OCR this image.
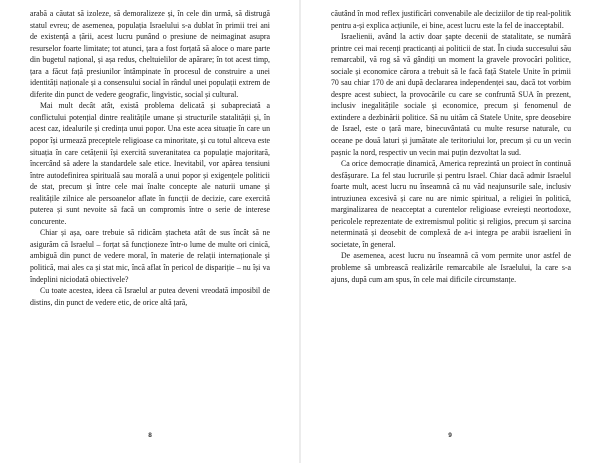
arabă a căutat să izoleze, să demoralizeze și, în cele din urmă, să distrugă statul evreu; de asemenea, populația Israelului s-a dublat în primii trei ani de existență a țării, acest lucru punând o presiune de neimaginat asupra resurselor foarte limitate; tot atunci, țara a fost forțată să aloce o mare parte din bugetul național, și așa redus, cheltuielilor de apărare; în tot acest timp, țara a făcut față presiunilor întâmpinate în procesul de construire a unei identități naționale și a consensului social în rândul unei populații extrem de diferite din punct de vedere geografic, lingvistic, social și cultural.

Mai mult decât atât, există problema delicată și subapreciată a conflictului potențial dintre realitățile umane și structurile statalității și, în acest caz, idealurile și credința unui popor. Una este acea situație în care un popor își urmează preceptele religioase ca minoritate, și cu totul altceva este situația în care cetățenii își exercită suveranitatea ca populație majoritară, încercând să adere la standardele sale etice. Inevitabil, vor apărea tensiuni între autodefinirea spirituală sau morală a unui popor și exigențele politicii de stat, precum și între cele mai înalte concepte ale naturii umane și realitățile zilnice ale persoanelor aflate în funcții de decizie, care exercită puterea și sunt nevoite să facă un compromis între o serie de interese concurente.

Chiar și așa, oare trebuie să ridicăm ștacheta atât de sus încât să ne asigurăm că Israelul – forțat să funcționeze într-o lume de multe ori cinică, ambiguă din punct de vedere moral, în materie de relații internaționale și politică, mai ales ca și stat mic, încă aflat în pericol de dispariție – nu își va îndeplini niciodată obiectivele?

Cu toate acestea, ideea că Israelul ar putea deveni vreodată imposibil de distins, din punct de vedere etic, de orice altă țară,

8

căutând în mod reflex justificări convenabile ale deciziilor de tip real-politik pentru a-și explica acțiunile, ei bine, acest lucru este la fel de inacceptabil.

Israelienii, având la activ doar șapte decenii de statalitate, se numără printre cei mai recenți practicanți ai politicii de stat. În ciuda succesului său remarcabil, vă rog să vă gândiți un moment la gravele provocări politice, sociale și economice cărora a trebuit să le facă față Statele Unite în primii 70 sau chiar 170 de ani după declararea independenței sau, dacă tot vorbim despre acest subiect, la provocările cu care se confruntă SUA în prezent, inclusiv inegalitățile sociale și economice, precum și fenomenul de extindere a dezbinării politice. Să nu uităm că Statele Unite, spre deosebire de Israel, este o țară mare, binecuvântată cu multe resurse naturale, cu oceane pe două laturi și jumătate ale teritoriului lor, precum și cu un vecin pașnic la nord, respectiv un vecin mai puțin dezvoltat la sud.

Ca orice democrație dinamică, America reprezintă un proiect în continuă desfășurare. La fel stau lucrurile și pentru Israel. Chiar dacă admir Israelul foarte mult, acest lucru nu înseamnă că nu văd neajunsurile sale, inclusiv intruziunea excesivă și care nu are nimic spiritual, a religiei în politică, marginalizarea de neacceptat a curentelor religioase evreiești neortodoxe, pericolele reprezentate de extremismul politic și religios, precum și sarcina neterminată și deosebit de complexă de a-i integra pe arabii israelieni în societate, în general.

De asemenea, acest lucru nu înseamnă că vom permite unor astfel de probleme să umbrească realizările remarcabile ale Israelului, la care s-a ajuns, după cum am spus, în cele mai dificile circumstanțe.

9
